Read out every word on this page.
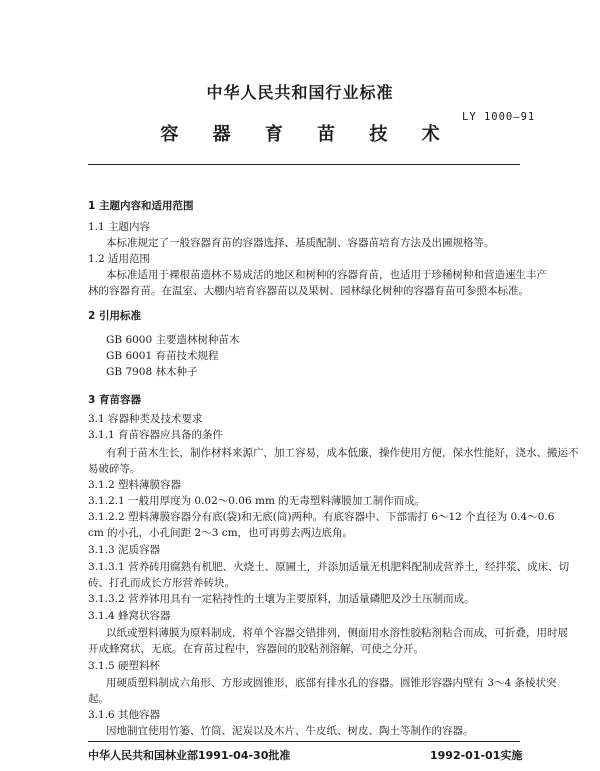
中华人民共和国行业标准
LY 1000—91
容 器 育 苗 技 术
1 主题内容和适用范围
1.1 主题内容
本标准规定了一般容器育苗的容器选择、基质配制、容器苗培育方法及出圃规格等。
1.2 适用范围
本标准适用于裸根苗造林不易成活的地区和树种的容器育苗，也适用于珍稀树种和营造速生丰产
林的容器育苗。在温室、大棚内培育容器苗以及果树、园林绿化树种的容器育苗可参照本标准。
2 引用标准
GB 6000 主要造林树种苗木
GB 6001 育苗技术规程
GB 7908 林木种子
3 育苗容器
3.1 容器种类及技术要求
3.1.1 育苗容器应具备的条件
有利于苗木生长，制作材料来源广，加工容易，成本低廉，操作使用方便，保水性能好，浇水、搬运不
易破碎等。
3.1.2 塑料薄膜容器
3.1.2.1 一般用厚度为 0.02～0.06 mm 的无毒塑料薄膜加工制作而成。
3.1.2.2 塑料薄膜容器分有底(袋)和无底(筒)两种。有底容器中、下部需打 6～12 个直径为 0.4～0.6
cm 的小孔，小孔间距 2～3 cm，也可再剪去两边底角。
3.1.3 泥质容器
3.1.3.1 营养砖用腐熟有机肥、火烧土、原圃土，并添加适量无机肥料配制成营养土，经拌浆、成床、切
砖、打孔而成长方形营养砖块。
3.1.3.2 营养钵用具有一定粘持性的土壤为主要原料，加适量磷肥及沙土压制而成。
3.1.4 蜂窝状容器
以纸或塑料薄膜为原料制成，将单个容器交错排列，侧面用水溶性胶粘剂粘合而成，可折叠，用时展
开成蜂窝状，无底。在育苗过程中，容器间的胶粘剂溶解，可使之分开。
3.1.5 硬塑料杯
用硬质塑料制成六角形、方形或圆锥形，底部有排水孔的容器。圆锥形容器内壁有 3～4 条棱状突
起。
3.1.6 其他容器
因地制宜使用竹篓、竹筒、泥炭以及木片、牛皮纸、树皮、陶土等制作的容器。
中华人民共和国林业部1991-04-30批准	1992-01-01实施
